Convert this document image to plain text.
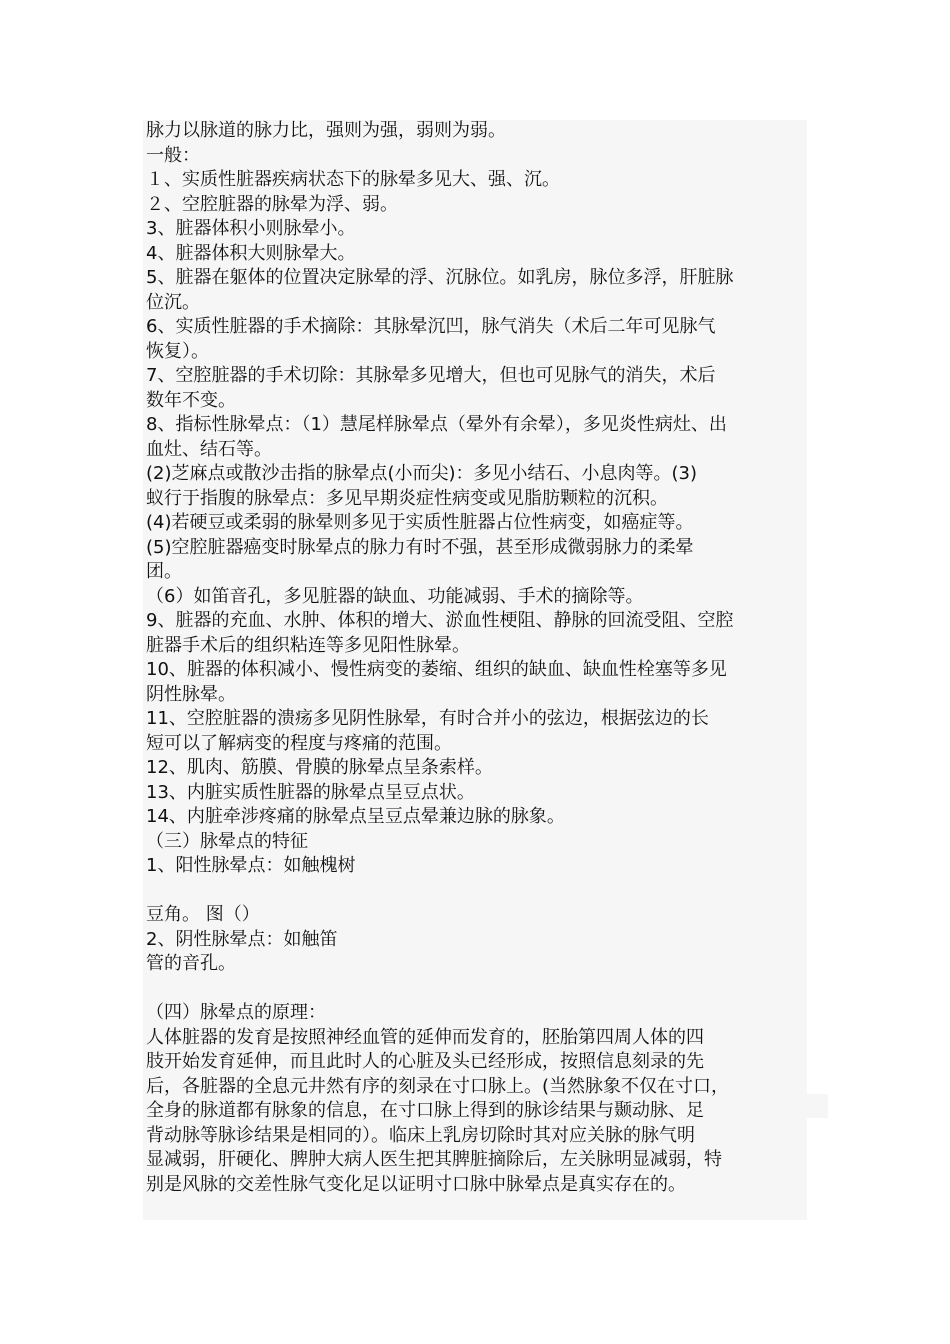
脉力以脉道的脉力比，强则为强，弱则为弱。
一般：
１、实质性脏器疾病状态下的脉晕多见大、强、沉。
２、空腔脏器的脉晕为浮、弱。
3、脏器体积小则脉晕小。
4、脏器体积大则脉晕大。
5、脏器在躯体的位置决定脉晕的浮、沉脉位。如乳房，脉位多浮，肝脏脉
位沉。
6、实质性脏器的手术摘除：其脉晕沉凹，脉气消失（术后二年可见脉气
恢复）。
7、空腔脏器的手术切除：其脉晕多见增大，但也可见脉气的消失，术后
数年不变。
8、指标性脉晕点：（1）慧尾样脉晕点（晕外有余晕），多见炎性病灶、出
血灶、结石等。
(2)芝麻点或散沙击指的脉晕点(小而尖)：多见小结石、小息肉等。(3)
蚁行于指腹的脉晕点：多见早期炎症性病变或见脂肪颗粒的沉积。
(4)若硬豆或柔弱的脉晕则多见于实质性脏器占位性病变，如癌症等。
(5)空腔脏器癌变时脉晕点的脉力有时不强，甚至形成微弱脉力的柔晕
团。
（6）如笛音孔，多见脏器的缺血、功能减弱、手术的摘除等。
9、脏器的充血、水肿、体积的增大、淤血性梗阻、静脉的回流受阻、空腔
脏器手术后的组织粘连等多见阳性脉晕。
10、脏器的体积减小、慢性病变的萎缩、组织的缺血、缺血性栓塞等多见
阴性脉晕。
11、空腔脏器的溃疡多见阴性脉晕，有时合并小的弦边，根据弦边的长
短可以了解病变的程度与疼痛的范围。
12、肌肉、筋膜、骨膜的脉晕点呈条索样。
13、内脏实质性脏器的脉晕点呈豆点状。
14、内脏牵涉疼痛的脉晕点呈豆点晕兼边脉的脉象。
（三）脉晕点的特征
1、阳性脉晕点：如触槐树
豆角。 图（）
2、阴性脉晕点：如触笛
管的音孔。
（四）脉晕点的原理：
人体脏器的发育是按照神经血管的延伸而发育的，胚胎第四周人体的四
肢开始发育延伸，而且此时人的心脏及头已经形成，按照信息刻录的先
后，各脏器的全息元井然有序的刻录在寸口脉上。(当然脉象不仅在寸口，
全身的脉道都有脉象的信息，在寸口脉上得到的脉诊结果与颞动脉、足
背动脉等脉诊结果是相同的）。临床上乳房切除时其对应关脉的脉气明
显减弱，肝硬化、脾肿大病人医生把其脾脏摘除后，左关脉明显减弱，特
别是风脉的交差性脉气变化足以证明寸口脉中脉晕点是真实存在的。
